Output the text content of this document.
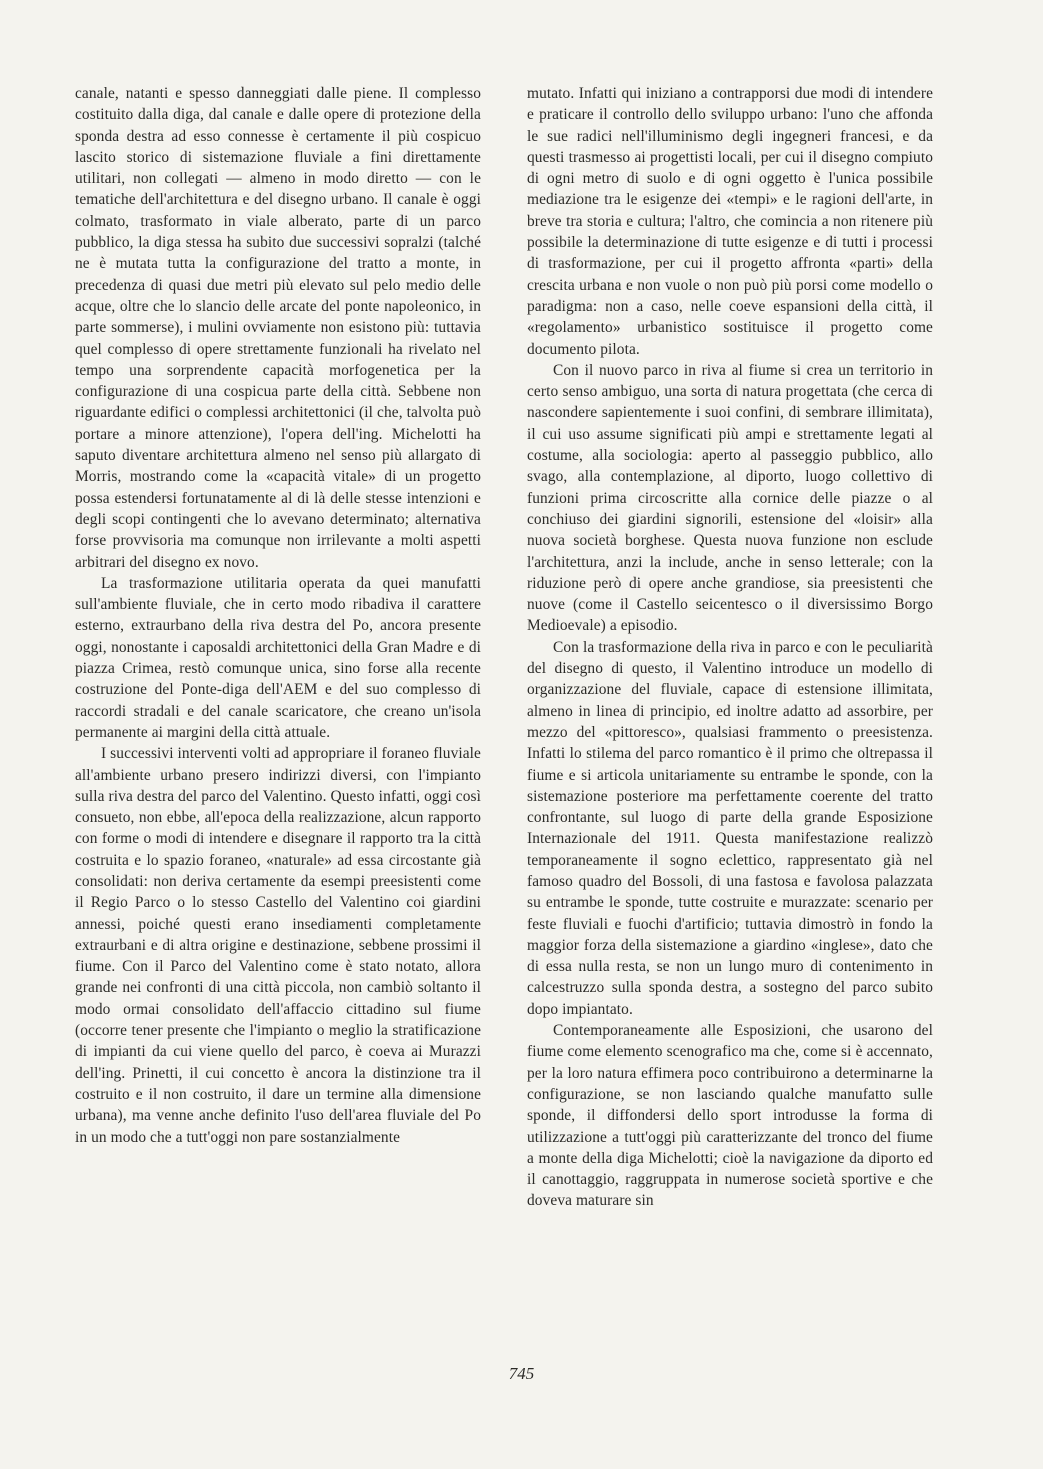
canale, natanti e spesso danneggiati dalle piene. Il complesso costituito dalla diga, dal canale e dalle opere di protezione della sponda destra ad esso connesse è certamente il più cospicuo lascito storico di sistemazione fluviale a fini direttamente utilitari, non collegati — almeno in modo diretto — con le tematiche dell'architettura e del disegno urbano. Il canale è oggi colmato, trasformato in viale alberato, parte di un parco pubblico, la diga stessa ha subito due successivi sopralzi (talché ne è mutata tutta la configurazione del tratto a monte, in precedenza di quasi due metri più elevato sul pelo medio delle acque, oltre che lo slancio delle arcate del ponte napoleonico, in parte sommerse), i mulini ovviamente non esistono più: tuttavia quel complesso di opere strettamente funzionali ha rivelato nel tempo una sorprendente capacità morfogenetica per la configurazione di una cospicua parte della città. Sebbene non riguardante edifici o complessi architettonici (il che, talvolta può portare a minore attenzione), l'opera dell'ing. Michelotti ha saputo diventare architettura almeno nel senso più allargato di Morris, mostrando come la «capacità vitale» di un progetto possa estendersi fortunatamente al di là delle stesse intenzioni e degli scopi contingenti che lo avevano determinato; alternativa forse provvisoria ma comunque non irrilevante a molti aspetti arbitrari del disegno ex novo.

La trasformazione utilitaria operata da quei manufatti sull'ambiente fluviale, che in certo modo ribadiva il carattere esterno, extraurbano della riva destra del Po, ancora presente oggi, nonostante i caposaldi architettonici della Gran Madre e di piazza Crimea, restò comunque unica, sino forse alla recente costruzione del Ponte-diga dell'AEM e del suo complesso di raccordi stradali e del canale scaricatore, che creano un'isola permanente ai margini della città attuale.

I successivi interventi volti ad appropriare il foraneo fluviale all'ambiente urbano presero indirizzi diversi, con l'impianto sulla riva destra del parco del Valentino. Questo infatti, oggi così consueto, non ebbe, all'epoca della realizzazione, alcun rapporto con forme o modi di intendere e disegnare il rapporto tra la città costruita e lo spazio foraneo, «naturale» ad essa circostante già consolidati: non deriva certamente da esempi preesistenti come il Regio Parco o lo stesso Castello del Valentino coi giardini annessi, poiché questi erano insediamenti completamente extraurbani e di altra origine e destinazione, sebbene prossimi il fiume. Con il Parco del Valentino come è stato notato, allora grande nei confronti di una città piccola, non cambiò soltanto il modo ormai consolidato dell'affaccio cittadino sul fiume (occorre tener presente che l'impianto o meglio la stratificazione di impianti da cui viene quello del parco, è coeva ai Murazzi dell'ing. Prinetti, il cui concetto è ancora la distinzione tra il costruito e il non costruito, il dare un termine alla dimensione urbana), ma venne anche definito l'uso dell'area fluviale del Po in un modo che a tutt'oggi non pare sostanzialmente

mutato. Infatti qui iniziano a contrapporsi due modi di intendere e praticare il controllo dello sviluppo urbano: l'uno che affonda le sue radici nell'illuminismo degli ingegneri francesi, e da questi trasmesso ai progettisti locali, per cui il disegno compiuto di ogni metro di suolo e di ogni oggetto è l'unica possibile mediazione tra le esigenze dei «tempi» e le ragioni dell'arte, in breve tra storia e cultura; l'altro, che comincia a non ritenere più possibile la determinazione di tutte esigenze e di tutti i processi di trasformazione, per cui il progetto affronta «parti» della crescita urbana e non vuole o non può più porsi come modello o paradigma: non a caso, nelle coeve espansioni della città, il «regolamento» urbanistico sostituisce il progetto come documento pilota.

Con il nuovo parco in riva al fiume si crea un territorio in certo senso ambiguo, una sorta di natura progettata (che cerca di nascondere sapientemente i suoi confini, di sembrare illimitata), il cui uso assume significati più ampi e strettamente legati al costume, alla sociologia: aperto al passeggio pubblico, allo svago, alla contemplazione, al diporto, luogo collettivo di funzioni prima circoscritte alla cornice delle piazze o al conchiuso dei giardini signorili, estensione del «loisir» alla nuova società borghese. Questa nuova funzione non esclude l'architettura, anzi la include, anche in senso letterale; con la riduzione però di opere anche grandiose, sia preesistenti che nuove (come il Castello seicentesco o il diversissimo Borgo Medioevale) a episodio.

Con la trasformazione della riva in parco e con le peculiarità del disegno di questo, il Valentino introduce un modello di organizzazione del fluviale, capace di estensione illimitata, almeno in linea di principio, ed inoltre adatto ad assorbire, per mezzo del «pittoresco», qualsiasi frammento o preesistenza. Infatti lo stilema del parco romantico è il primo che oltrepassa il fiume e si articola unitariamente su entrambe le sponde, con la sistemazione posteriore ma perfettamente coerente del tratto confrontante, sul luogo di parte della grande Esposizione Internazionale del 1911. Questa manifestazione realizzò temporaneamente il sogno eclettico, rappresentato già nel famoso quadro del Bossoli, di una fastosa e favolosa palazzata su entrambe le sponde, tutte costruite e murazzate: scenario per feste fluviali e fuochi d'artificio; tuttavia dimostrò in fondo la maggior forza della sistemazione a giardino «inglese», dato che di essa nulla resta, se non un lungo muro di contenimento in calcestruzzo sulla sponda destra, a sostegno del parco subito dopo impiantato.

Contemporaneamente alle Esposizioni, che usarono del fiume come elemento scenografico ma che, come si è accennato, per la loro natura effimera poco contribuirono a determinarne la configurazione, se non lasciando qualche manufatto sulle sponde, il diffondersi dello sport introdusse la forma di utilizzazione a tutt'oggi più caratterizzante del tronco del fiume a monte della diga Michelotti; cioè la navigazione da diporto ed il canottaggio, raggruppata in numerose società sportive e che doveva maturare sin

745
